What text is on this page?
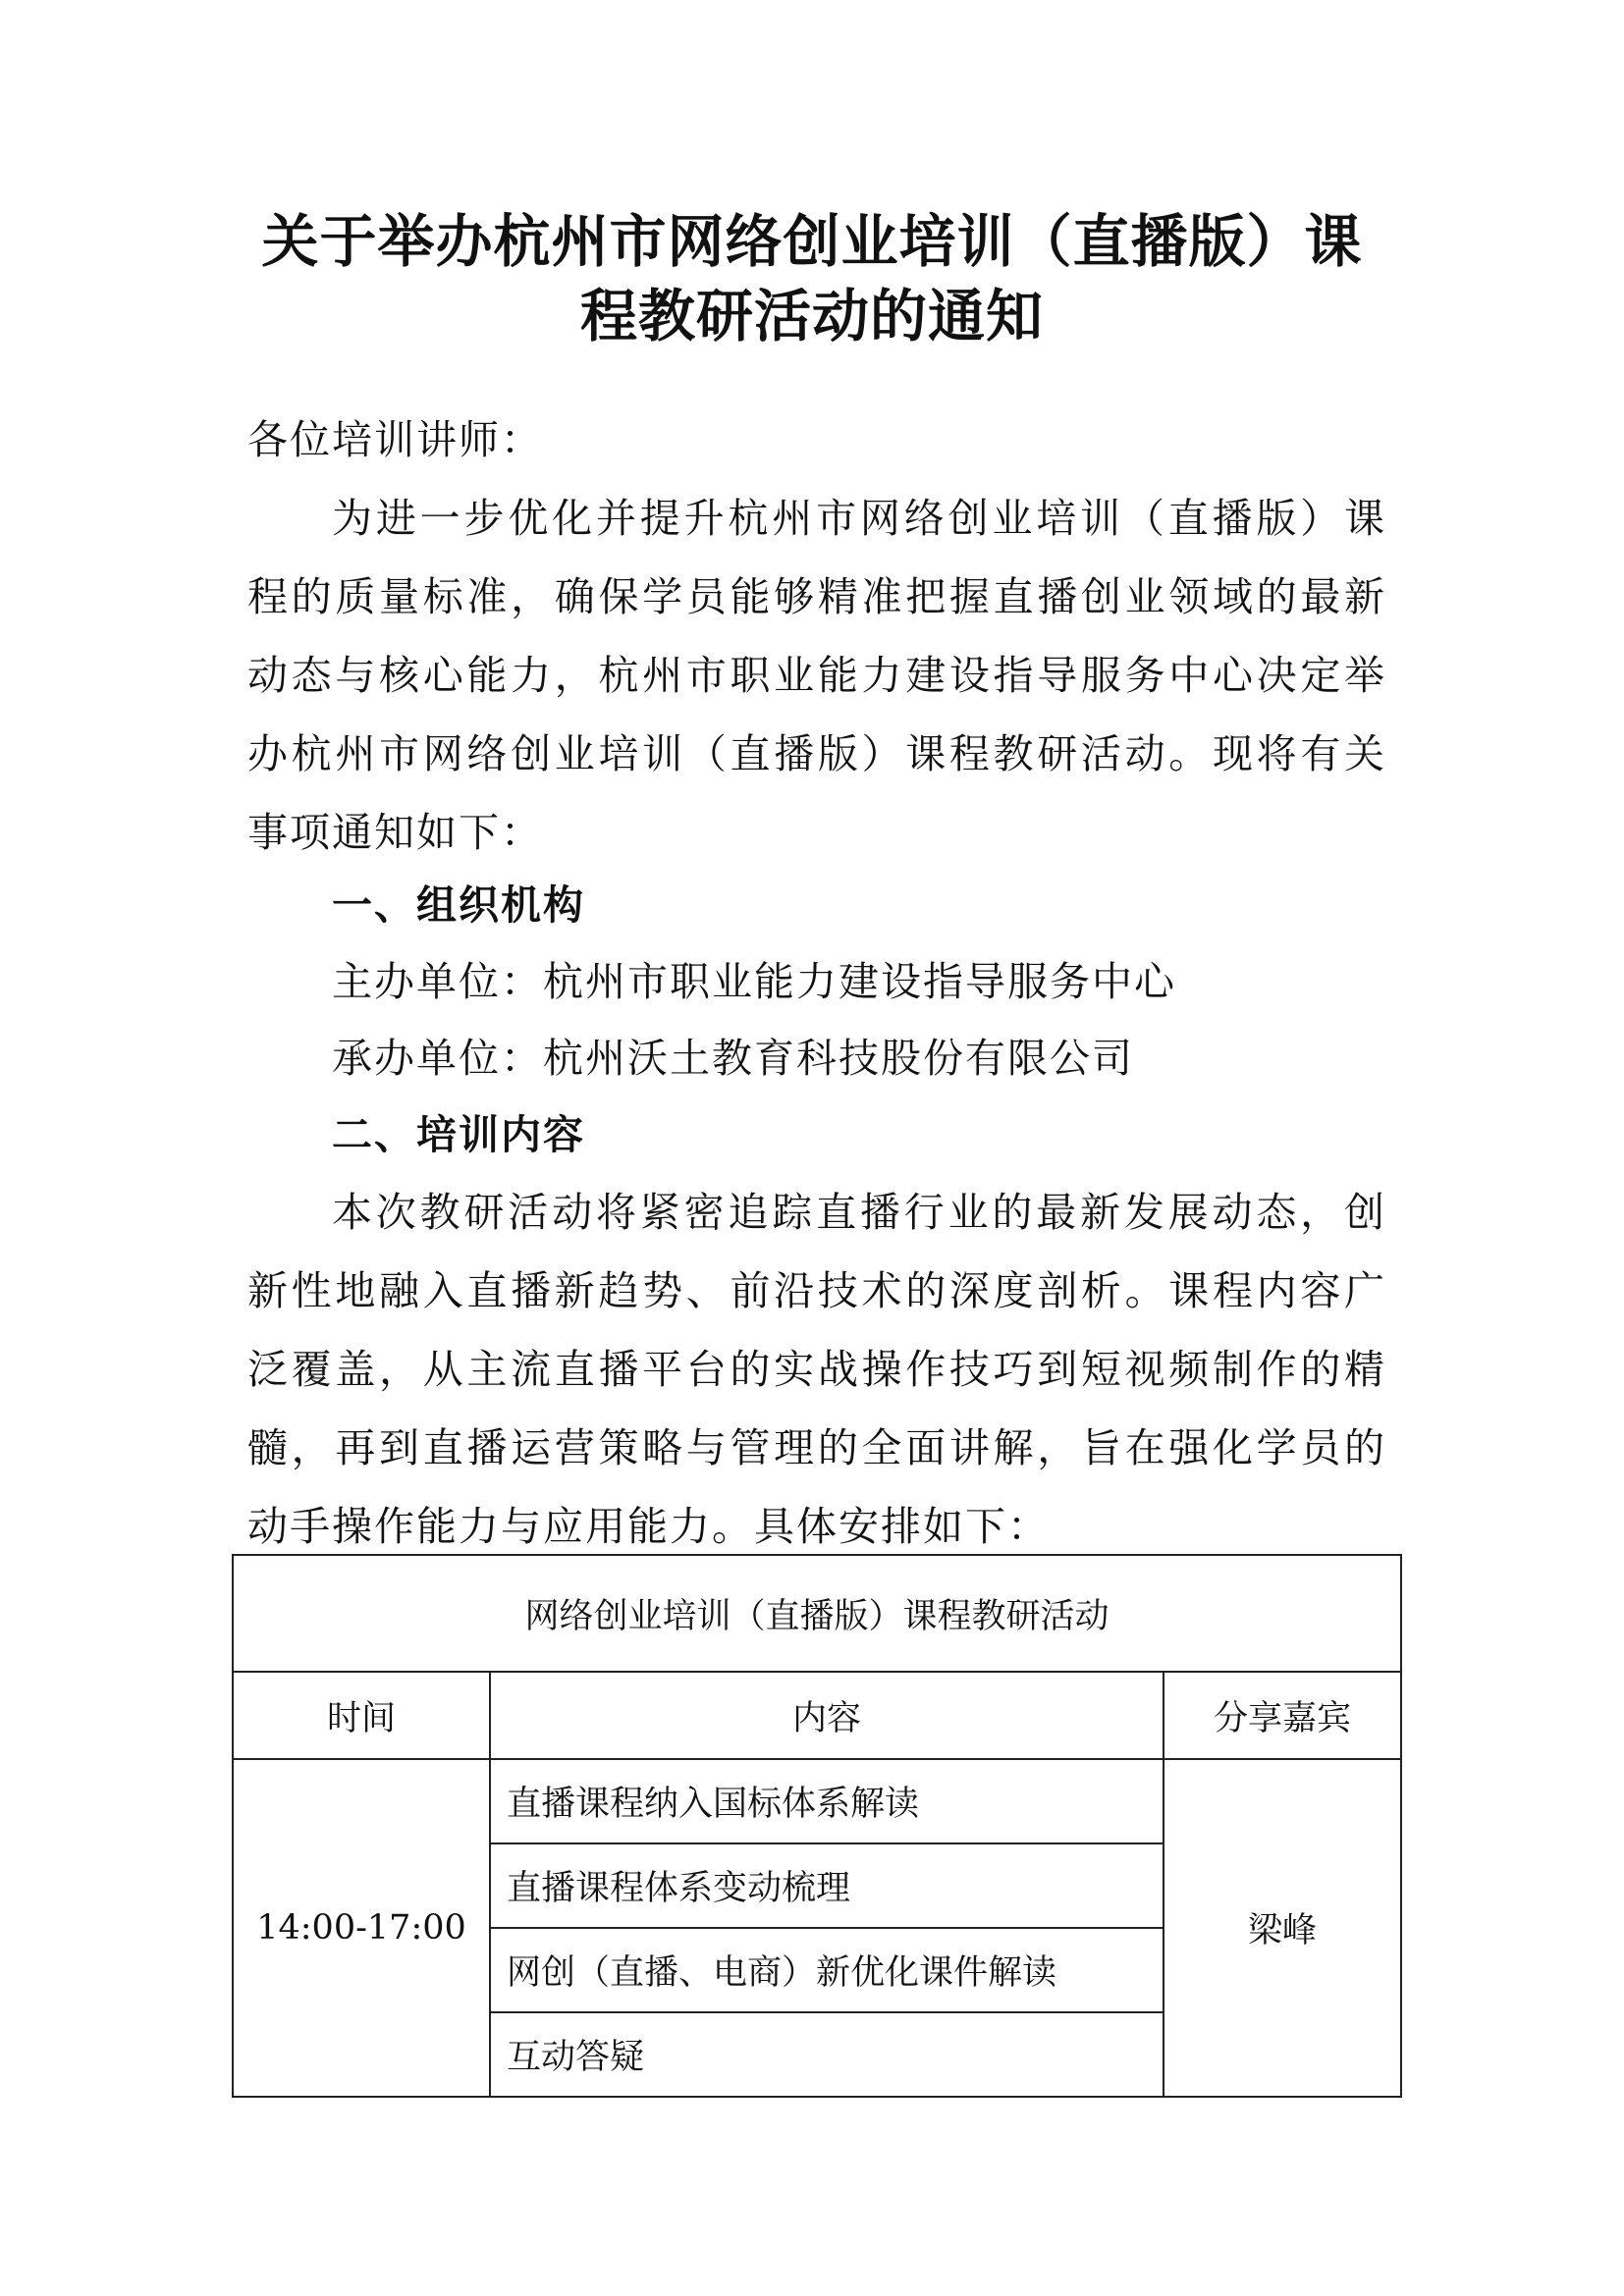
关于举办杭州市网络创业培训（直播版）课
程教研活动的通知

各位培训讲师：

为进一步优化并提升杭州市网络创业培训（直播版）课程的质量标准，确保学员能够精准把握直播创业领域的最新动态与核心能力，杭州市职业能力建设指导服务中心决定举办杭州市网络创业培训（直播版）课程教研活动。现将有关事项通知如下：

一、组织机构

主办单位：杭州市职业能力建设指导服务中心

承办单位：杭州沃土教育科技股份有限公司

二、培训内容

本次教研活动将紧密追踪直播行业的最新发展动态，创新性地融入直播新趋势、前沿技术的深度剖析。课程内容广泛覆盖，从主流直播平台的实战操作技巧到短视频制作的精髓，再到直播运营策略与管理的全面讲解，旨在强化学员的动手操作能力与应用能力。具体安排如下：

网络创业培训（直播版）课程教研活动		
时间	内容	分享嘉宾
14:00-17:00	直播课程纳入国标体系解读	梁峰
	直播课程体系变动梳理	
	网创（直播、电商）新优化课件解读	
	互动答疑	
